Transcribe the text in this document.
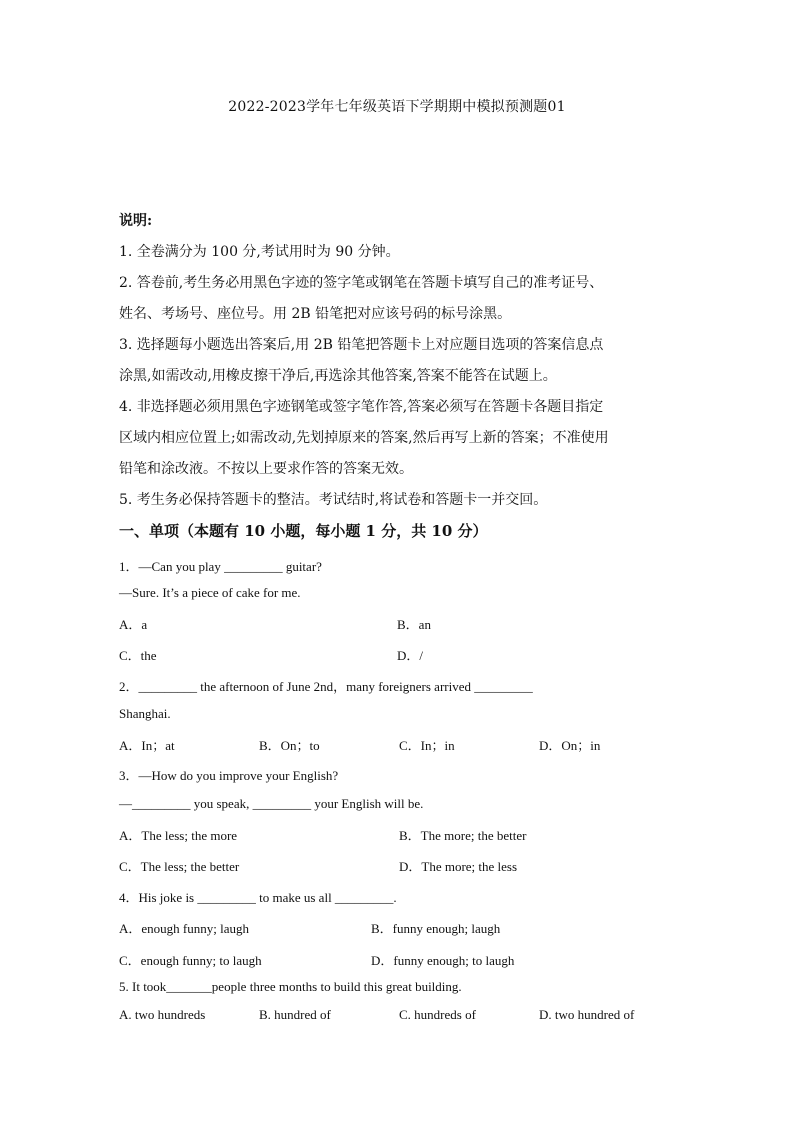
2022-2023学年七年级英语下学期期中模拟预测题01
说明:
1. 全卷满分为 100 分,考试用时为 90 分钟。
2. 答卷前,考生务必用黑色字迹的签字笔或钢笔在答题卡填写自己的准考证号、
姓名、考场号、座位号。用 2B 铅笔把对应该号码的标号涂黑。
3. 选择题每小题选出答案后,用 2B 铅笔把答题卡上对应题目选项的答案信息点
涂黑,如需改动,用橡皮擦干净后,再选涂其他答案,答案不能答在试题上。
4. 非选择题必须用黑色字迹钢笔或签字笔作答,答案必须写在答题卡各题目指定
区域内相应位置上;如需改动,先划掉原来的答案,然后再写上新的答案；不准使用
铅笔和涂改液。不按以上要求作答的答案无效。
5. 考生务必保持答题卡的整洁。考试结时,将试卷和答题卡一并交回。
一、单项（本题有 10 小题，每小题 1 分，共 10 分）
1．—Can you play _________ guitar?
—Sure. It’s a piece of cake for me.
A．a	B．an
C．the	D．/
2．_________ the afternoon of June 2nd，many foreigners arrived _________
Shanghai.
A．In；at	B．On；to	C．In；in	D．On；in
3．—How do you improve your English?
—_________ you speak, _________ your English will be.
A．The less; the more	B．The more; the better
C．The less; the better	D．The more; the less
4．His joke is _________ to make us all _________.
A．enough funny; laugh	B．funny enough; laugh
C．enough funny; to laugh	D．funny enough; to laugh
5. It took_______people three months to build this great building.
A. two hundreds	B. hundred of	C. hundreds of	D. two hundred of
